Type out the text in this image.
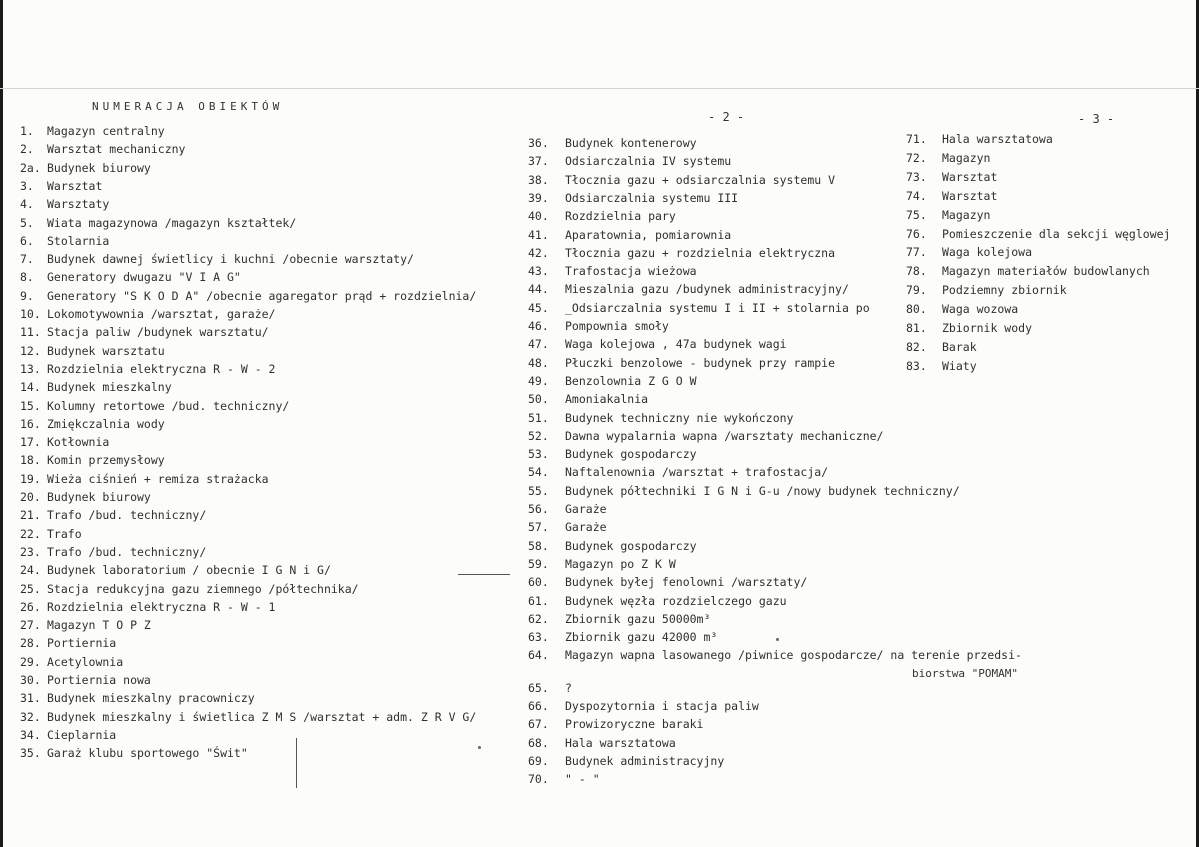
NUMERACJA OBIEKTÓW
- 2 -	- 3 -
1. Magazyn centralny
2. Warsztat mechaniczny
2a. Budynek biurowy
3. Warsztat
4. Warsztaty
5. Wiata magazynowa /magazyn kształtek/
6. Stolarnia
7. Budynek dawnej świetlicy i kuchni /obecnie warsztaty/
8. Generatory dwugazu "V I A G"
9. Generatory "S K O D A" /obecnie agaregator prąd + rozdzielnia/
10. Lokomotywownia /warsztat, garaże/
11. Stacja paliw /budynek warsztatu/
12. Budynek warsztatu
13. Rozdzielnia elektryczna R - W - 2
14. Budynek mieszkalny
15. Kolumny retortowe /bud. techniczny/
16. Zmiękczalnia wody
17. Kotłownia
18. Komin przemysłowy
19. Wieża ciśnień + remiza strażacka
20. Budynek biurowy
21. Trafo /bud. techniczny/
22. Trafo
23. Trafo /bud. techniczny/
24. Budynek laboratorium / obecnie I G N i G/
25. Stacja redukcyjna gazu ziemnego /półtechnika/
26. Rozdzielnia elektryczna R - W - 1
27. Magazyn T O P Z
28. Portiernia
29. Acetylownia
30. Portiernia nowa
31. Budynek mieszkalny pracowniczy
32. Budynek mieszkalny i świetlica Z M S /warsztat + adm. Z R V G/
34. Cieplarnia
35. Garaż klubu sportowego "Świt"
36. Budynek kontenerowy
37. Odsiarczalnia IV systemu
38. Tłocznia gazu + odsiarczalnia systemu V
39. Odsiarczalnia systemu III
40. Rozdzielnia pary
41. Aparatownia, pomiarownia
42. Tłocznia gazu + rozdzielnia elektryczna
43. Trafostacja wieżowa
44. Mieszalnia gazu /budynek administracyjny/
45. _Odsiarczalnia systemu I i II + stolarnia po
46. Pompownia smoły
47. Waga kolejowa , 47a budynek wagi
48. Płuczki benzolowe - budynek przy rampie
49. Benzolownia Z G O W
50. Amoniakalnia
51. Budynek techniczny nie wykończony
52. Dawna wypalarnia wapna /warsztaty mechaniczne/
53. Budynek gospodarczy
54. Naftalenownia /warsztat + trafostacja/
55. Budynek półtechniki I G N i G-u /nowy budynek techniczny/
56. Garaże
57. Garaże
58. Budynek gospodarczy
59. Magazyn po Z K W
60. Budynek byłej fenolowni /warsztaty/
61. Budynek węzła rozdzielczego gazu
62. Zbiornik gazu 50000m³
63. Zbiornik gazu 42000 m³
64. Magazyn wapna lasowanego /piwnice gospodarcze/ na terenie przedsi-
65. ?
66. Dyspozytornia i stacja paliw
67. Prowizoryczne baraki
68. Hala warsztatowa
69. Budynek administracyjny
70. " - "
71. Hala warsztatowa
72. Magazyn
73. Warsztat
74. Warsztat
75. Magazyn
76. Pomieszczenie dla sekcji węglowej
77. Waga kolejowa
78. Magazyn materiałów budowlanych
79. Podziemny zbiornik
80. Waga wozowa
81. Zbiornik wody
82. Barak
83. Wiaty
biorstwa "POMAM"
